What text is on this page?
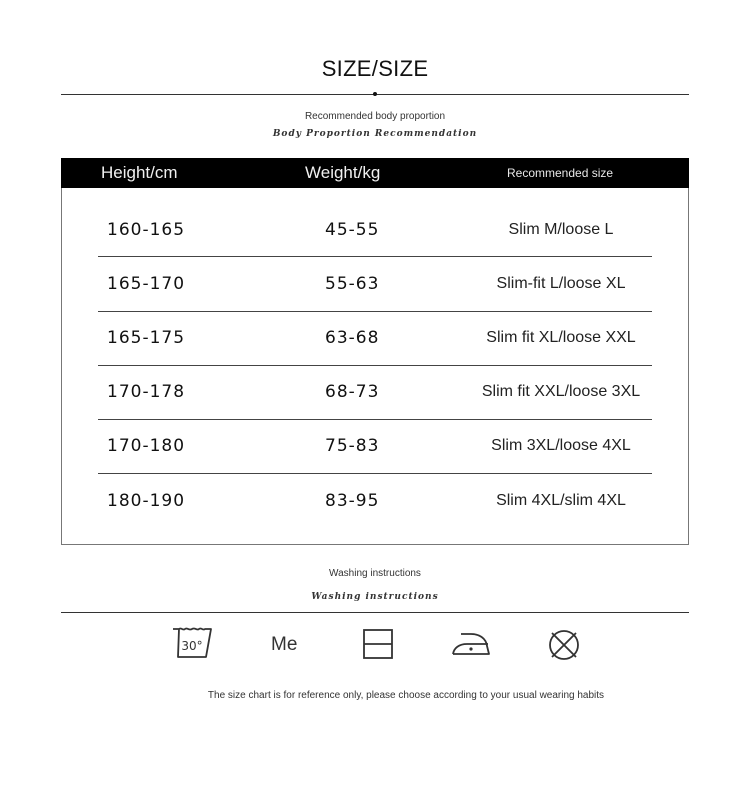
SIZE/SIZE
Recommended body proportion
Body Proportion Recommendation
Height/cm	Weight/kg	Recommended size
160-165	45-55	Slim M/loose L
165-170	55-63	Slim-fit L/loose XL
165-175	63-68	Slim fit XL/loose XXL
170-178	68-73	Slim fit XXL/loose 3XL
170-180	75-83	Slim 3XL/loose 4XL
180-190	83-95	Slim 4XL/slim 4XL
Washing instructions
Washing instructions
30°	Me
The size chart is for reference only, please choose according to your usual wearing habits
